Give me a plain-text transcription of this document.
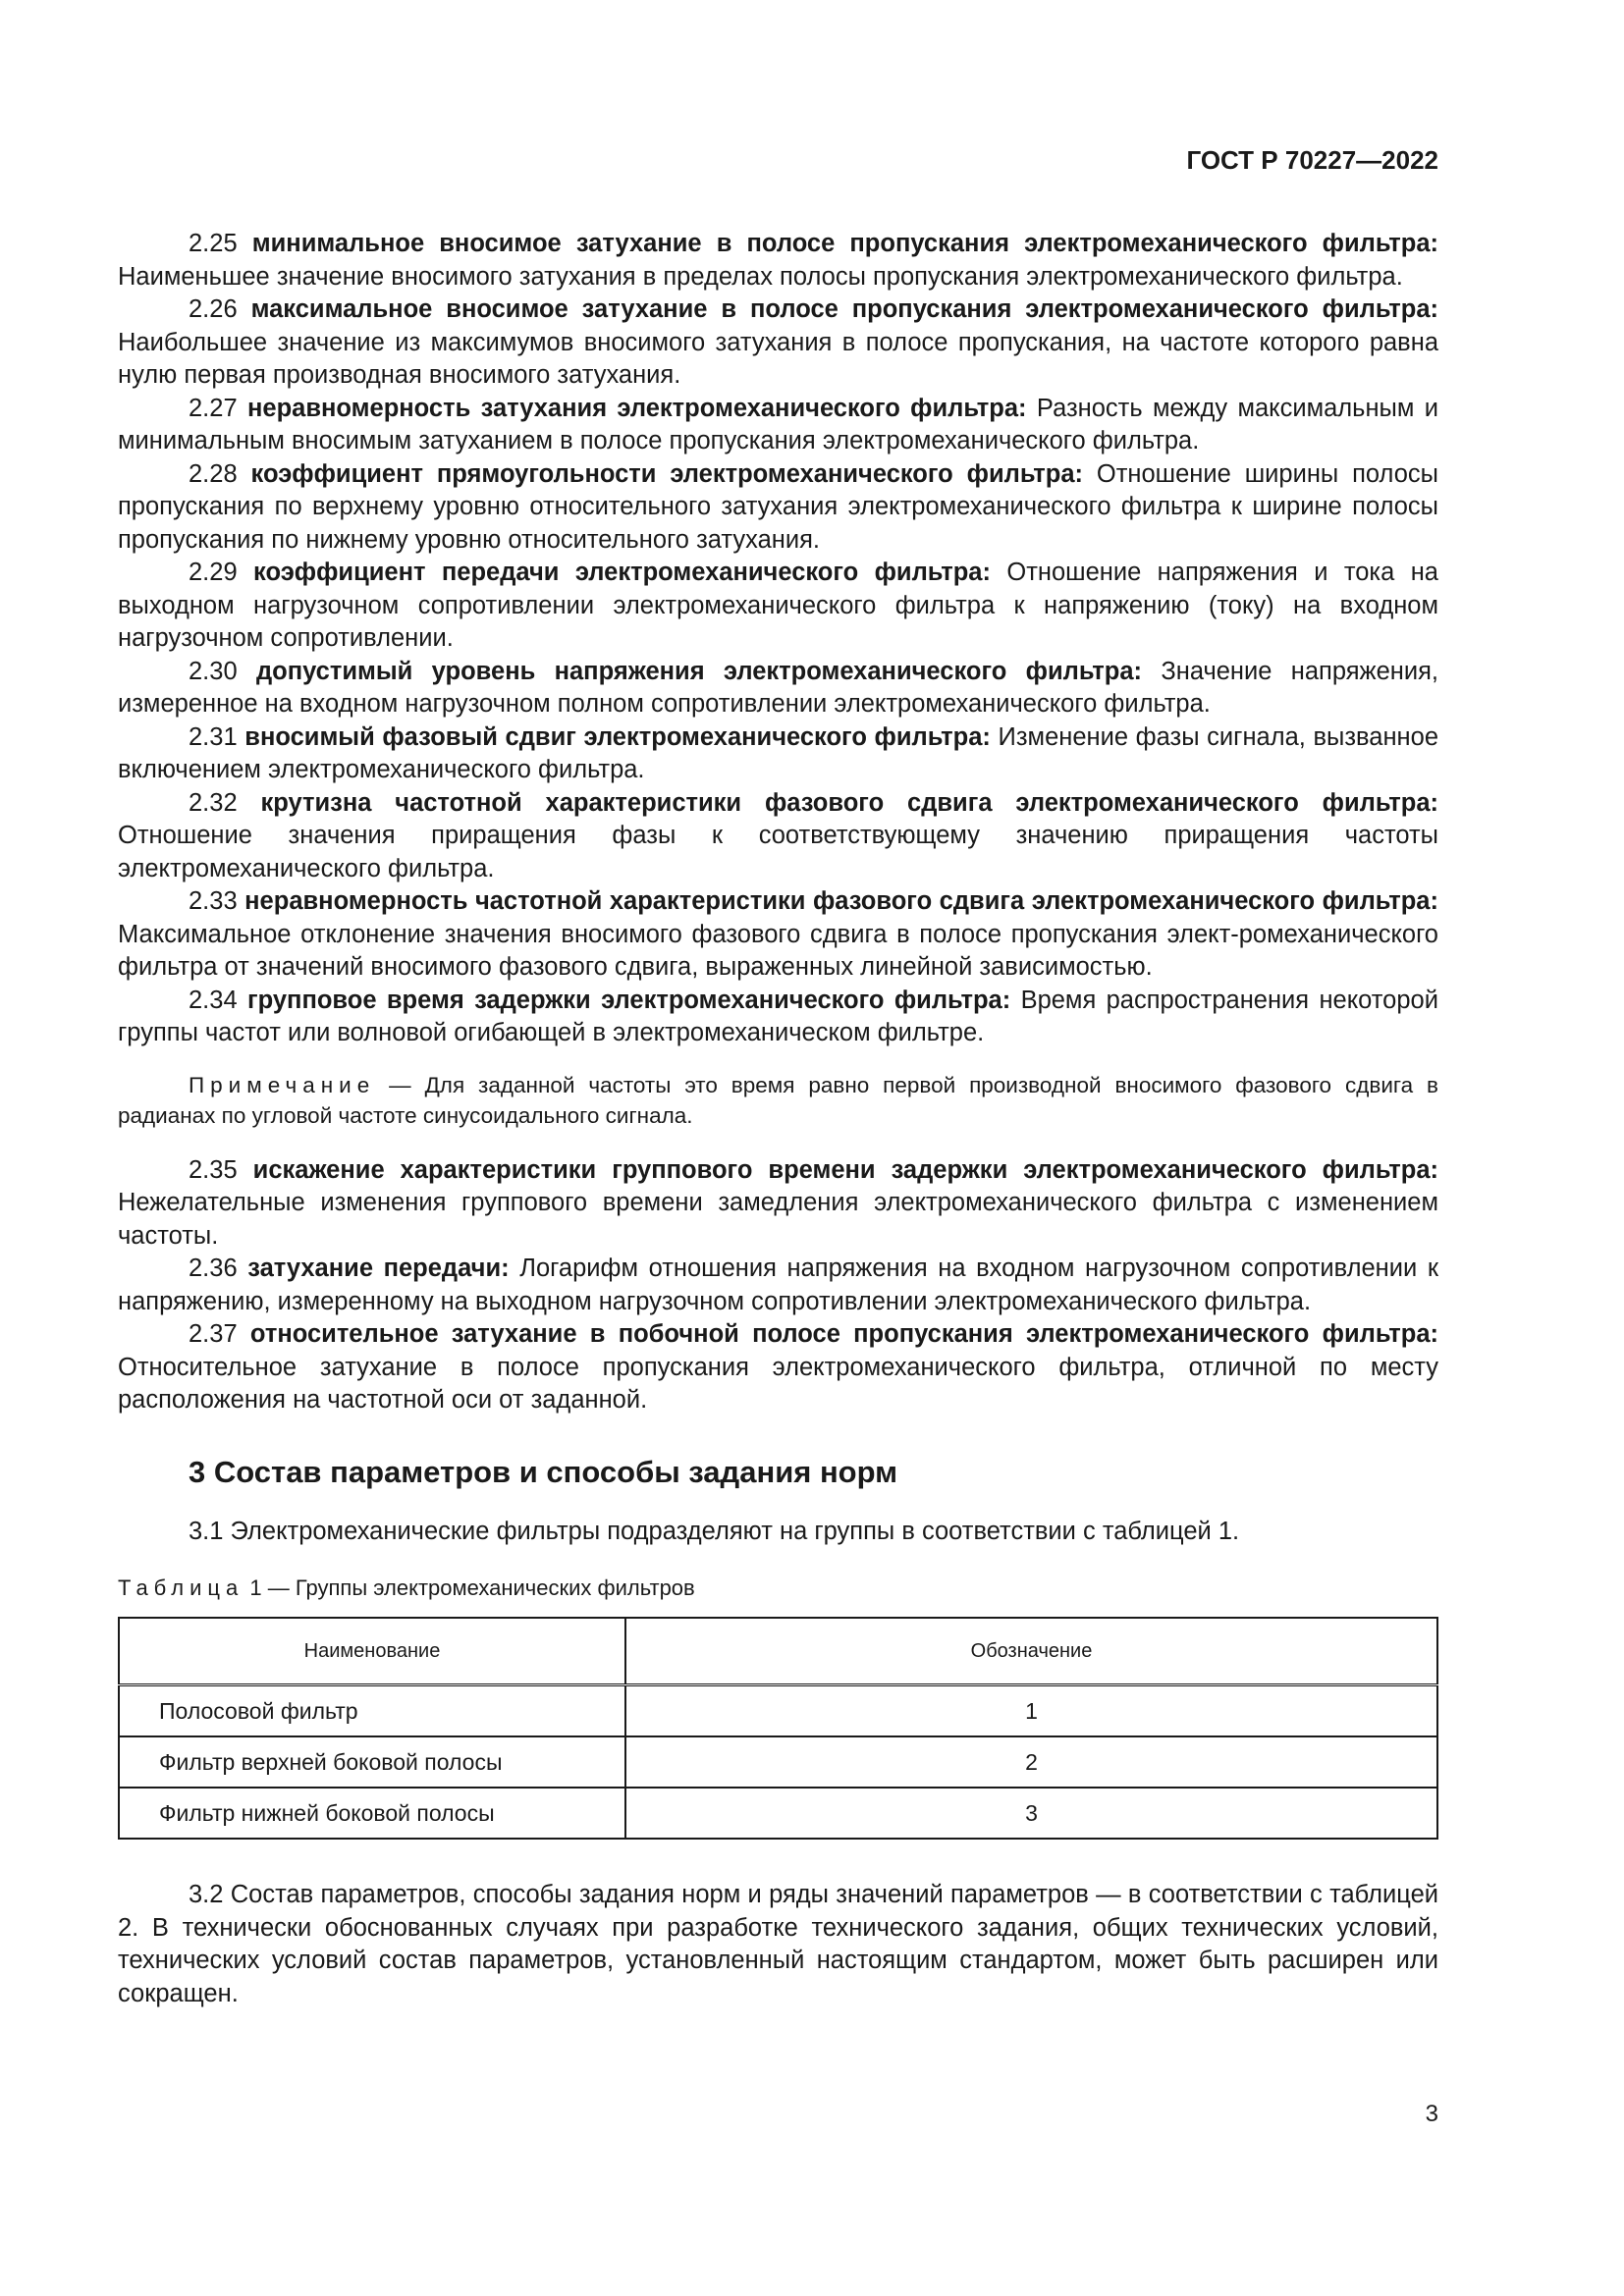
ГОСТ Р 70227—2022

2.25 минимальное вносимое затухание в полосе пропускания электромеханического фильтра: Наименьшее значение вносимого затухания в пределах полосы пропускания электромеханического фильтра.

2.26 максимальное вносимое затухание в полосе пропускания электромеханического фильтра: Наибольшее значение из максимумов вносимого затухания в полосе пропускания, на частоте которого равна нулю первая производная вносимого затухания.

2.27 неравномерность затухания электромеханического фильтра: Разность между максимальным и минимальным вносимым затуханием в полосе пропускания электромеханического фильтра.

2.28 коэффициент прямоугольности электромеханического фильтра: Отношение ширины полосы пропускания по верхнему уровню относительного затухания электромеханического фильтра к ширине полосы пропускания по нижнему уровню относительного затухания.

2.29 коэффициент передачи электромеханического фильтра: Отношение напряжения и тока на выходном нагрузочном сопротивлении электромеханического фильтра к напряжению (току) на входном нагрузочном сопротивлении.

2.30 допустимый уровень напряжения электромеханического фильтра: Значение напряжения, измеренное на входном нагрузочном полном сопротивлении электромеханического фильтра.

2.31 вносимый фазовый сдвиг электромеханического фильтра: Изменение фазы сигнала, вызванное включением электромеханического фильтра.

2.32 крутизна частотной характеристики фазового сдвига электромеханического фильтра: Отношение значения приращения фазы к соответствующему значению приращения частоты электромеханического фильтра.

2.33 неравномерность частотной характеристики фазового сдвига электромеханического фильтра: Максимальное отклонение значения вносимого фазового сдвига в полосе пропускания элект-ромеханического фильтра от значений вносимого фазового сдвига, выраженных линейной зависимостью.

2.34 групповое время задержки электромеханического фильтра: Время распространения некоторой группы частот или волновой огибающей в электромеханическом фильтре.

Примечание — Для заданной частоты это время равно первой производной вносимого фазового сдвига в радианах по угловой частоте синусоидального сигнала.

2.35 искажение характеристики группового времени задержки электромеханического фильтра: Нежелательные изменения группового времени замедления электромеханического фильтра с изменением частоты.

2.36 затухание передачи: Логарифм отношения напряжения на входном нагрузочном сопротивлении к напряжению, измеренному на выходном нагрузочном сопротивлении электромеханического фильтра.

2.37 относительное затухание в побочной полосе пропускания электромеханического фильтра: Относительное затухание в полосе пропускания электромеханического фильтра, отличной по месту расположения на частотной оси от заданной.

3 Состав параметров и способы задания норм

3.1 Электромеханические фильтры подразделяют на группы в соответствии с таблицей 1.

Таблица 1 — Группы электромеханических фильтров
Наименование	Обозначение
Полосовой фильтр	1
Фильтр верхней боковой полосы	2
Фильтр нижней боковой полосы	3

3.2 Состав параметров, способы задания норм и ряды значений параметров — в соответствии с таблицей 2. В технически обоснованных случаях при разработке технического задания, общих технических условий, технических условий состав параметров, установленный настоящим стандартом, может быть расширен или сокращен.

3
